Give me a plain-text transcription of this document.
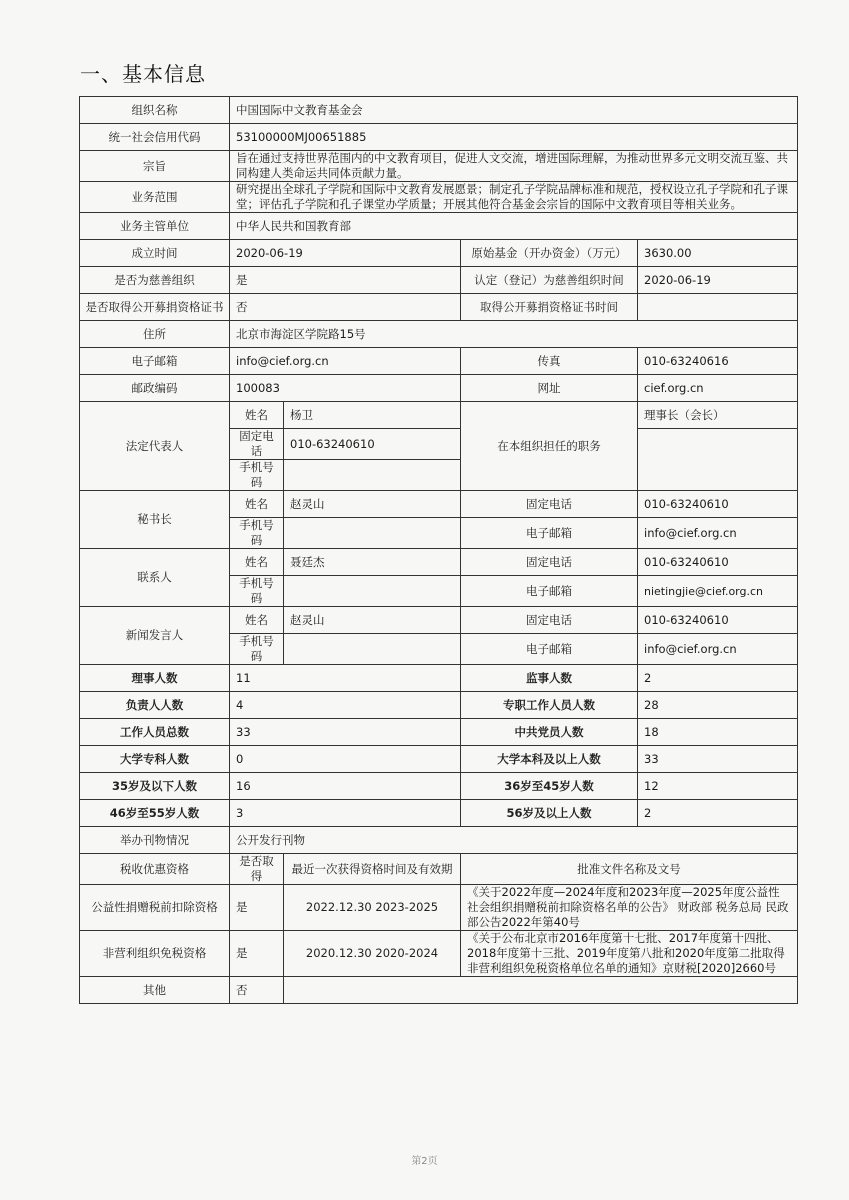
一、基本信息
组织名称	中国国际中文教育基金会			
统一社会信用代码	53100000MJ00651885			
宗旨	旨在通过支持世界范围内的中文教育项目，促进人文交流，增进国际理解，为推动世界多元文明交流互鉴、共同构建人类命运共同体贡献力量。			
业务范围	研究提出全球孔子学院和国际中文教育发展愿景；制定孔子学院品牌标准和规范，授权设立孔子学院和孔子课堂；评估孔子学院和孔子课堂办学质量；开展其他符合基金会宗旨的国际中文教育项目等相关业务。			
业务主管单位	中华人民共和国教育部			
成立时间	2020-06-19		原始基金（开办资金）（万元）	3630.00
是否为慈善组织	是		认定（登记）为慈善组织时间	2020-06-19
是否取得公开募捐资格证书	否		取得公开募捐资格证书时间	
住所	北京市海淀区学院路15号			
电子邮箱	info@cief.org.cn		传真	010-63240616
邮政编码	100083		网址	cief.org.cn
法定代表人	姓名	杨卫	在本组织担任的职务	理事长（会长）
	固定电话	010-63240610		
	手机号码			
秘书长	姓名	赵灵山	固定电话	010-63240610
	手机号码		电子邮箱	info@cief.org.cn
联系人	姓名	聂廷杰	固定电话	010-63240610
	手机号码		电子邮箱	nietingjie@cief.org.cn
新闻发言人	姓名	赵灵山	固定电话	010-63240610
	手机号码		电子邮箱	info@cief.org.cn
理事人数	11		监事人数	2
负责人人数	4		专职工作人员人数	28
工作人员总数	33		中共党员人数	18
大学专科人数	0		大学本科及以上人数	33
35岁及以下人数	16		36岁至45岁人数	12
46岁至55岁人数	3		56岁及以上人数	2
举办刊物情况	公开发行刊物			
税收优惠资格	是否取得	最近一次获得资格时间及有效期	批准文件名称及文号	
公益性捐赠税前扣除资格	是	2022.12.30 2023-2025	《关于2022年度—2024年度和2023年度—2025年度公益性社会组织捐赠税前扣除资格名单的公告》 财政部 税务总局 民政部公告2022年第40号	
非营利组织免税资格	是	2020.12.30 2020-2024	《关于公布北京市2016年度第十七批、2017年度第十四批、2018年度第十三批、2019年度第八批和2020年度第二批取得非营利组织免税资格单位名单的通知》京财税[2020]2660号	
其他	否			
第2页
